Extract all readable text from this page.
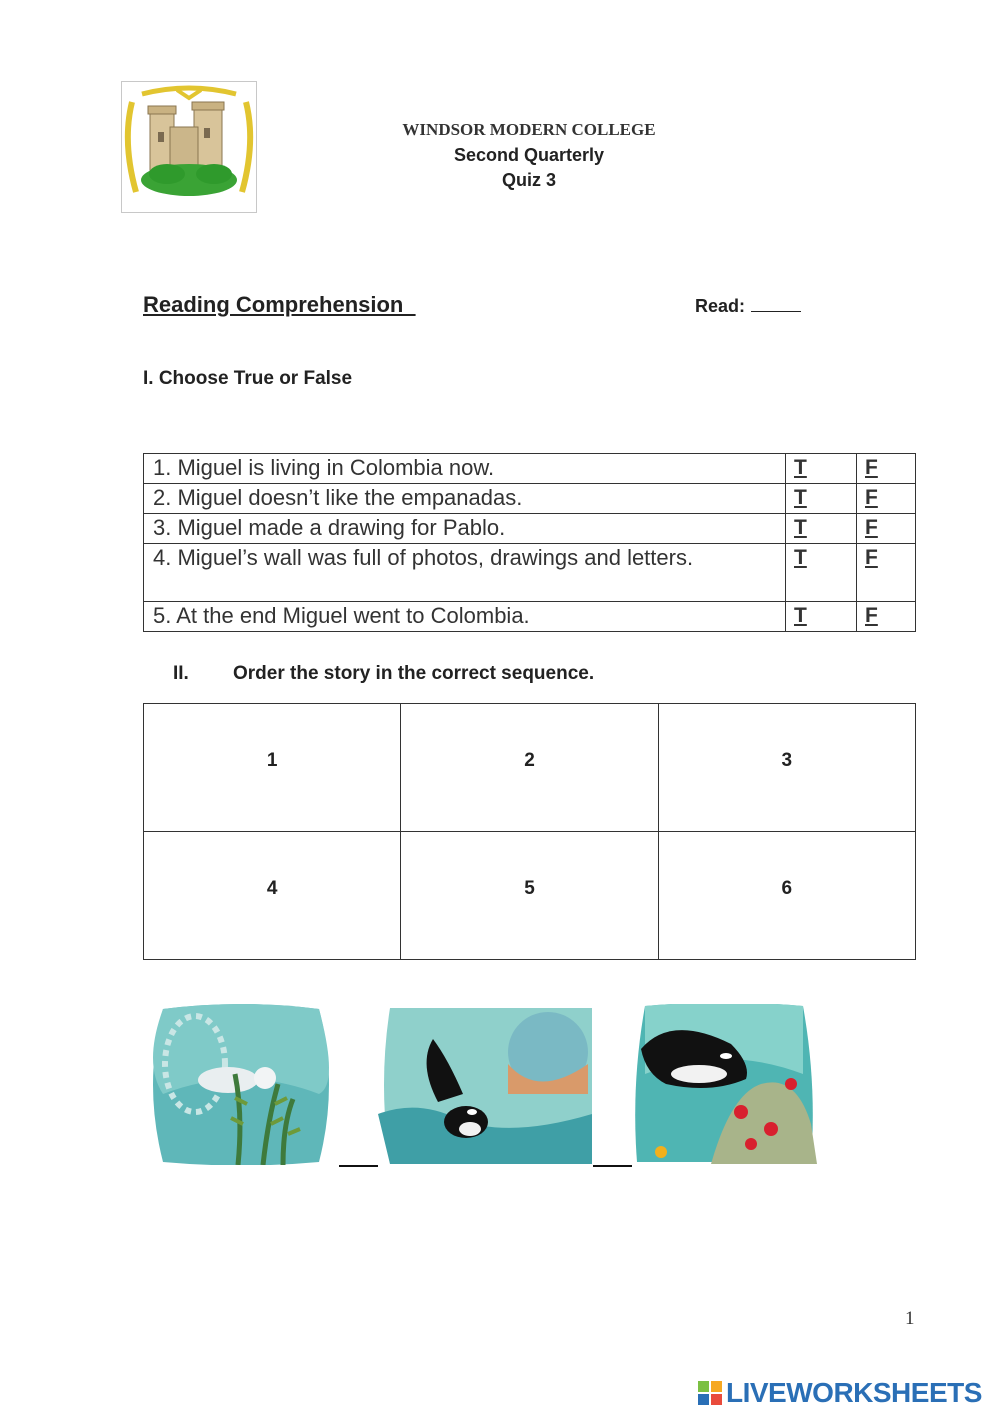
WINDSOR MODERN COLLEGE
Second Quarterly
Quiz 3
Reading Comprehension	Read:
I. Choose True or False
1. Miguel is living in Colombia now.	T	F
2. Miguel doesn’t like the empanadas.	T	F
3. Miguel made a drawing for Pablo.	T	F
4. Miguel’s wall was full of photos, drawings and letters.	T	F
5. At the end Miguel went to Colombia.	T	F
II. Order the story in the correct sequence.
1	2	3
4	5	6
1
LIVEWORKSHEETS
